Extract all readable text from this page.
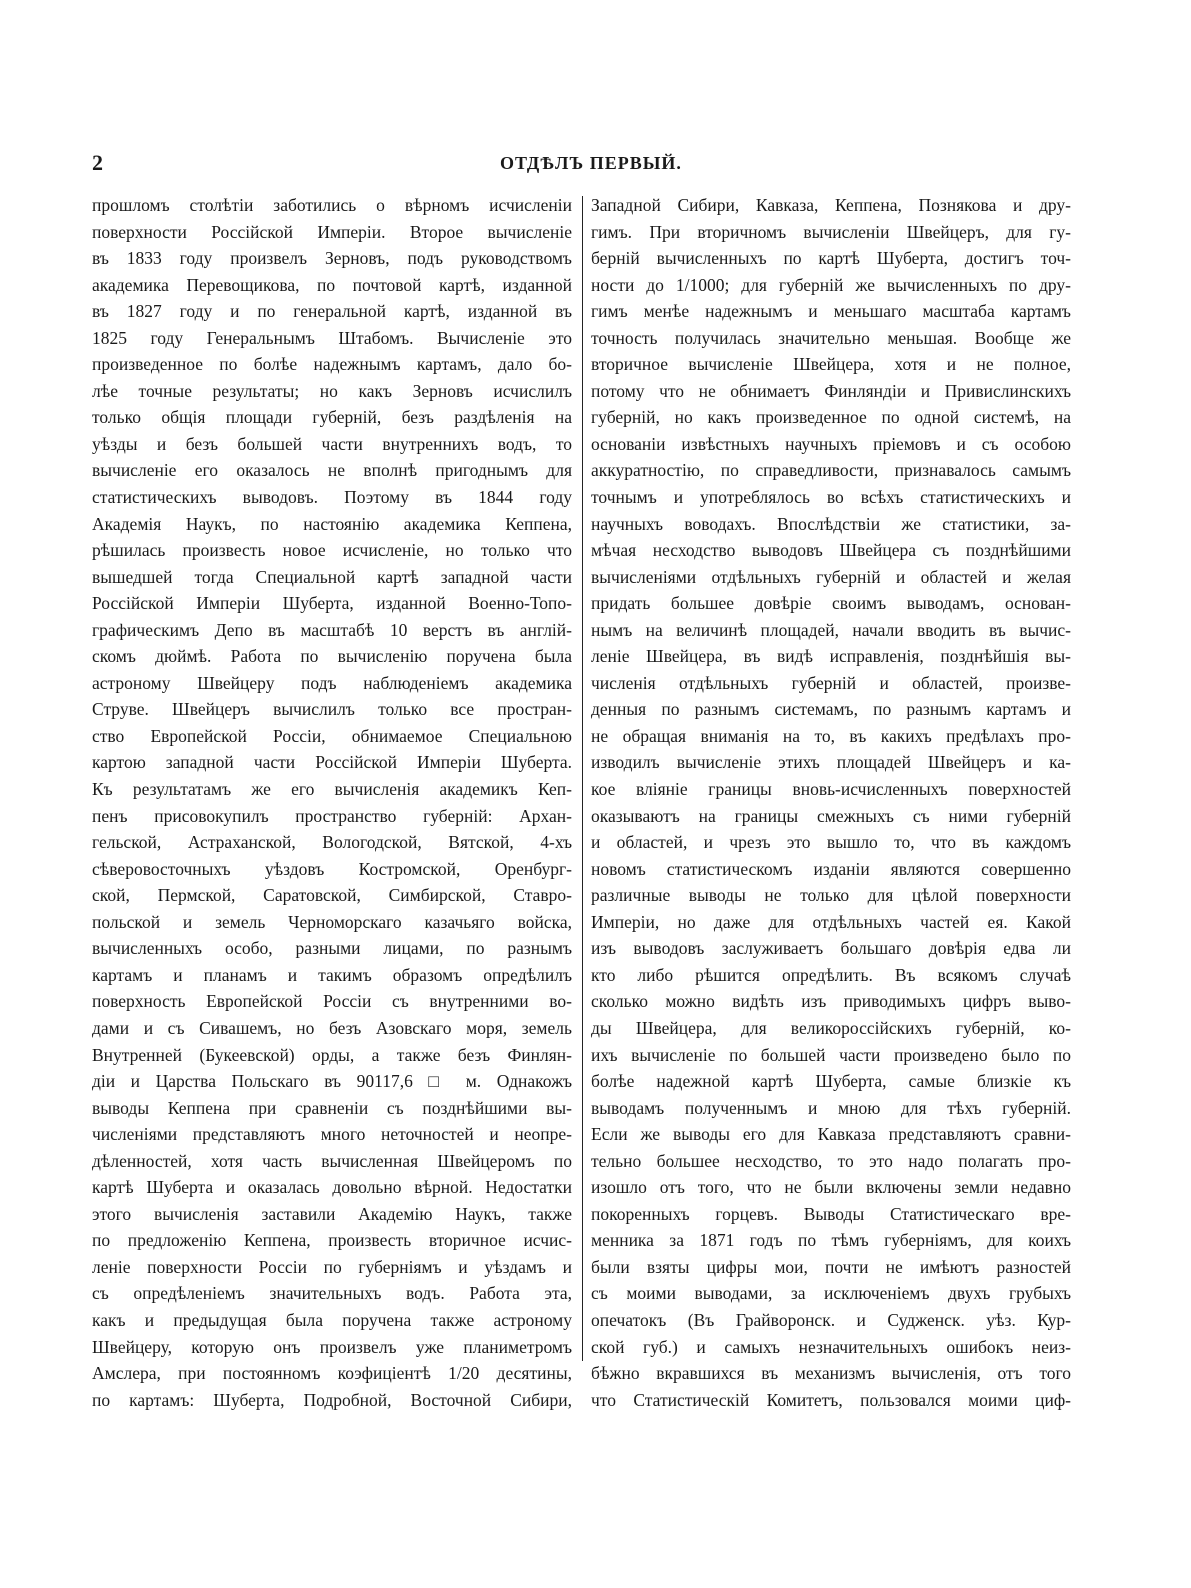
2	ОТДѢЛЪ ПЕРВЫЙ.
прошломъ столѣтіи заботились о вѣрномъ исчисленіи
поверхности Россійской Имперіи. Второе вычисленіе
въ 1833 году произвелъ Зерновъ, подъ руководствомъ
академика Перевощикова, по почтовой картѣ, изданной
въ 1827 году и по генеральной картѣ, изданной въ
1825 году Генеральнымъ Штабомъ. Вычисленіе это
произведенное по болѣе надежнымъ картамъ, дало бо-
лѣе точные результаты; но какъ Зерновъ исчислилъ
только общія площади губерній, безъ раздѣленія на
уѣзды и безъ большей части внутреннихъ водъ, то
вычисленіе его оказалось не вполнѣ пригоднымъ для
статистическихъ выводовъ. Поэтому въ 1844 году
Академія Наукъ, по настоянію академика Кеппена,
рѣшилась произвесть новое исчисленіе, но только что
вышедшей тогда Специальной картѣ западной части
Россійской Имперіи Шуберта, изданной Военно-Топо-
графическимъ Депо въ масштабѣ 10 верстъ въ англій-
скомъ дюймѣ. Работа по вычисленію поручена была
астроному Швейцеру подъ наблюденіемъ академика
Струве. Швейцеръ вычислилъ только все простран-
ство Европейской Россіи, обнимаемое Специальною
картою западной части Россійской Имперіи Шуберта.
Къ результатамъ же его вычисленія академикъ Кеп-
пенъ присовокупилъ пространство губерній: Архан-
гельской, Астраханской, Вологодской, Вятской, 4-хъ
сѣверовосточныхъ уѣздовъ Костромской, Оренбург-
ской, Пермской, Саратовской, Симбирской, Ставро-
польской и земель Черноморскаго казачьяго войска,
вычисленныхъ особо, разными лицами, по разнымъ
картамъ и планамъ и такимъ образомъ опредѣлилъ
поверхность Европейской Россіи съ внутренними во-
дами и съ Сивашемъ, но безъ Азовскаго моря, земель
Внутренней (Букеевской) орды, а также безъ Финлян-
діи и Царства Польскаго въ 90117,6 □ м. Однакожъ
выводы Кеппена при сравненіи съ позднѣйшими вы-
численіями представляютъ много неточностей и неопре-
дѣленностей, хотя часть вычисленная Швейцеромъ по
картѣ Шуберта и оказалась довольно вѣрной. Недостатки
этого вычисленія заставили Академію Наукъ, также
по предложенію Кеппена, произвесть вторичное исчис-
леніе поверхности Россіи по губерніямъ и уѣздамъ и
съ опредѣленіемъ значительныхъ водъ. Работа эта,
какъ и предыдущая была поручена также астроному
Швейцеру, которую онъ произвелъ уже планиметромъ
Амслера, при постоянномъ коэфиціентѣ 1/20 десятины,
по картамъ: Шуберта, Подробной, Восточной Сибири,
Западной Сибири, Кавказа, Кеппена, Познякова и дру-
гимъ. При вторичномъ вычисленіи Швейцеръ, для гу-
берній вычисленныхъ по картѣ Шуберта, достигъ точ-
ности до 1/1000; для губерній же вычисленныхъ по дру-
гимъ менѣе надежнымъ и меньшаго масштаба картамъ
точность получилась значительно меньшая. Вообще же
вторичное вычисленіе Швейцера, хотя и не полное,
потому что не обнимаетъ Финляндіи и Привислинскихъ
губерній, но какъ произведенное по одной системѣ, на
основаніи извѣстныхъ научныхъ пріемовъ и съ особою
аккуратностію, по справедливости, признавалось самымъ
точнымъ и употреблялось во всѣхъ статистическихъ и
научныхъ воводахъ. Впослѣдствіи же статистики, за-
мѣчая несходство выводовъ Швейцера съ позднѣйшими
вычисленіями отдѣльныхъ губерній и областей и желая
придать большее довѣріе своимъ выводамъ, основан-
нымъ на величинѣ площадей, начали вводить въ вычис-
леніе Швейцера, въ видѣ исправленія, позднѣйшія вы-
численія отдѣльныхъ губерній и областей, произве-
денныя по разнымъ системамъ, по разнымъ картамъ и
не обращая вниманія на то, въ какихъ предѣлахъ про-
изводилъ вычисленіе этихъ площадей Швейцеръ и ка-
кое вліяніе границы вновь-исчисленныхъ поверхностей
оказываютъ на границы смежныхъ съ ними губерній
и областей, и чрезъ это вышло то, что въ каждомъ
новомъ статистическомъ изданіи являются совершенно
различные выводы не только для цѣлой поверхности
Имперіи, но даже для отдѣльныхъ частей ея. Какой
изъ выводовъ заслуживаетъ большаго довѣрія едва ли
кто либо рѣшится опредѣлить. Въ всякомъ случаѣ
сколько можно видѣть изъ приводимыхъ цифръ выво-
ды Швейцера, для великороссійскихъ губерній, ко-
ихъ вычисленіе по большей части произведено было по
болѣе надежной картѣ Шуберта, самые близкіе къ
выводамъ полученнымъ и мною для тѣхъ губерній.
Если же выводы его для Кавказа представляютъ сравни-
тельно большее несходство, то это надо полагать про-
изошло отъ того, что не были включены земли недавно
покоренныхъ горцевъ. Выводы Статистическаго вре-
менника за 1871 годъ по тѣмъ губерніямъ, для коихъ
были взяты цифры мои, почти не имѣютъ разностей
съ моими выводами, за исключеніемъ двухъ грубыхъ
опечатокъ (Въ Грайворонск. и Судженск. уѣз. Кур-
ской губ.) и самыхъ незначительныхъ ошибокъ неиз-
бѣжно вкравшихся въ механизмъ вычисленія, отъ того
что Статистическій Комитетъ, пользовался моими циф-
